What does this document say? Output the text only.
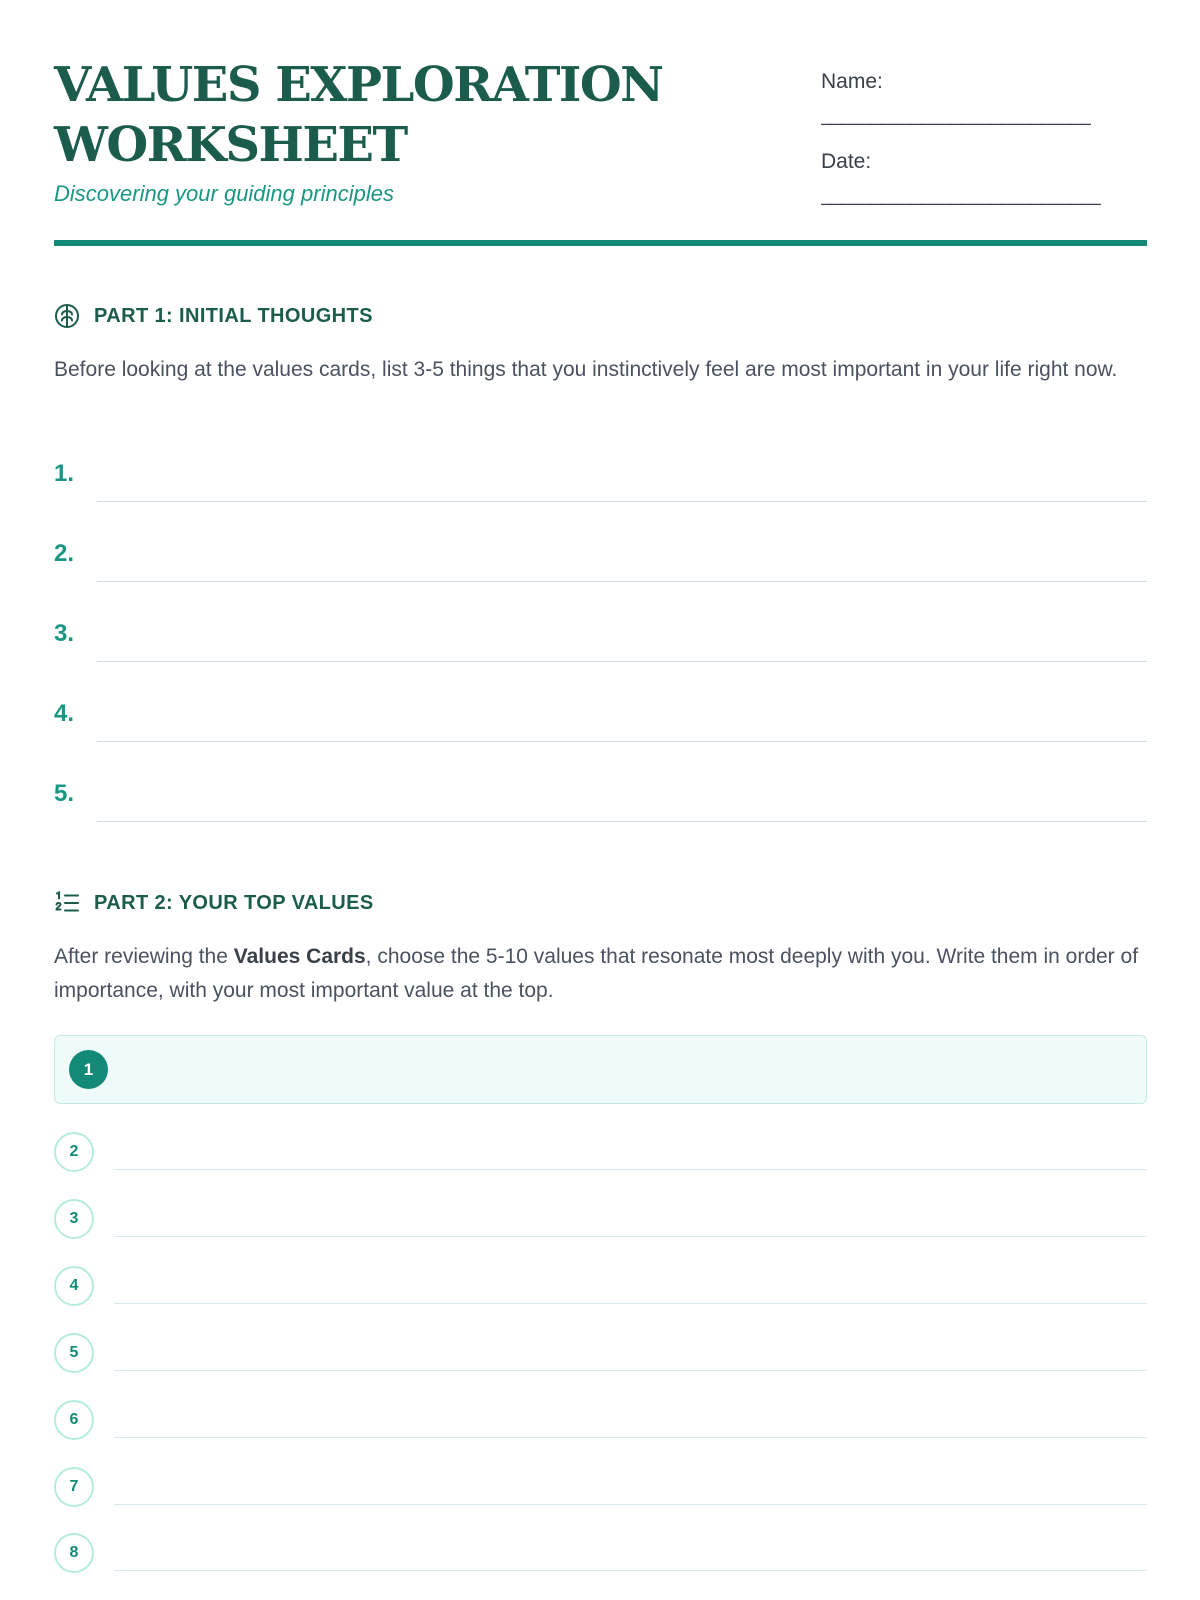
VALUES EXPLORATION WORKSHEET

Discovering your guiding principles

Name:
___________________________
Date:
____________________________
PART 1: INITIAL THOUGHTS

Before looking at the values cards, list 3-5 things that you instinctively feel are most important in your life right now.

1.
2.
3.
4.
5.
PART 2: YOUR TOP VALUES

After reviewing the Values Cards, choose the 5-10 values that resonate most deeply with you. Write them in order of importance, with your most important value at the top.

1
2
3
4
5
6
7
8
